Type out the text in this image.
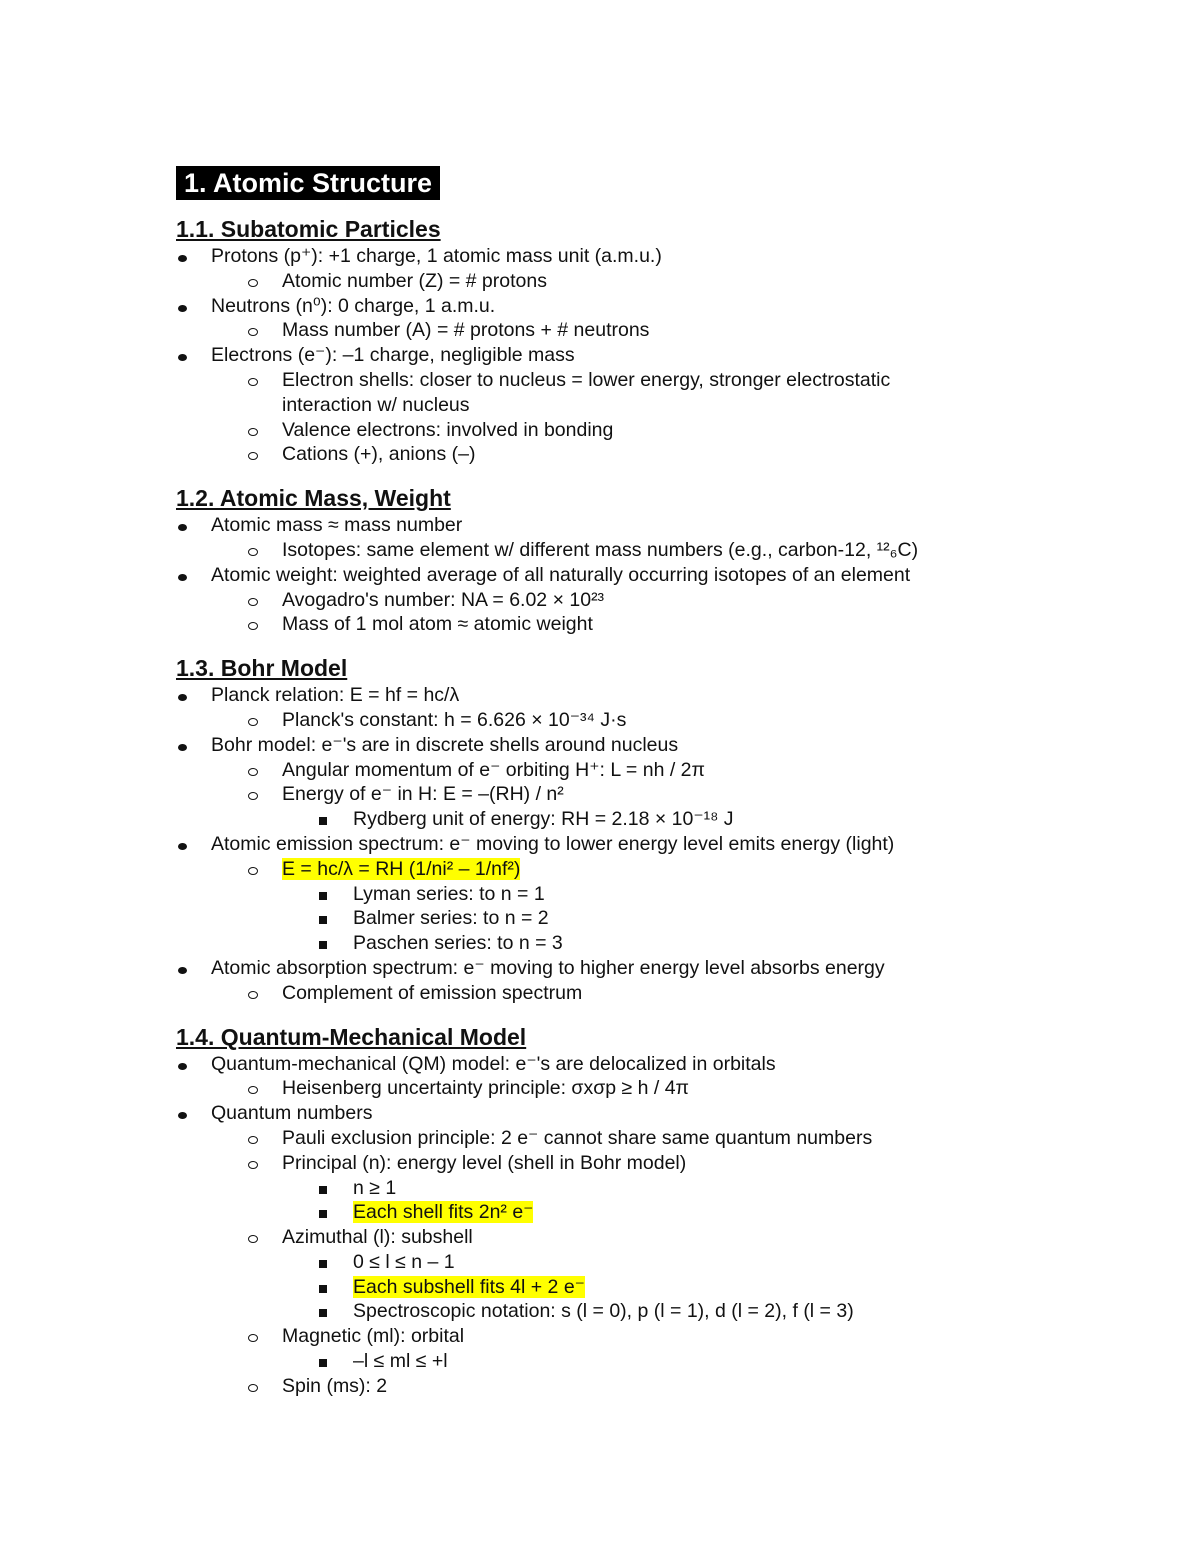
1. Atomic Structure
1.1. Subatomic Particles
Protons (p⁺): +1 charge, 1 atomic mass unit (a.m.u.)
Atomic number (Z) = # protons
Neutrons (n⁰): 0 charge, 1 a.m.u.
Mass number (A) = # protons + # neutrons
Electrons (e⁻): –1 charge, negligible mass
Electron shells: closer to nucleus = lower energy, stronger electrostatic interaction w/ nucleus
Valence electrons: involved in bonding
Cations (+), anions (–)
1.2. Atomic Mass, Weight
Atomic mass ≈ mass number
Isotopes: same element w/ different mass numbers (e.g., carbon-12, ¹²₆C)
Atomic weight: weighted average of all naturally occurring isotopes of an element
Avogadro's number: NA = 6.02 × 10²³
Mass of 1 mol atom ≈ atomic weight
1.3. Bohr Model
Planck relation: E = hf = hc/λ
Planck's constant: h = 6.626 × 10⁻³⁴ J·s
Bohr model: e⁻'s are in discrete shells around nucleus
Angular momentum of e⁻ orbiting H⁺: L = nh / 2π
Energy of e⁻ in H: E = –(RH) / n²
Rydberg unit of energy: RH = 2.18 × 10⁻¹⁸ J
Atomic emission spectrum: e⁻ moving to lower energy level emits energy (light)
E = hc/λ = RH (1/ni² – 1/nf²)
Lyman series: to n = 1
Balmer series: to n = 2
Paschen series: to n = 3
Atomic absorption spectrum: e⁻ moving to higher energy level absorbs energy
Complement of emission spectrum
1.4. Quantum-Mechanical Model
Quantum-mechanical (QM) model: e⁻'s are delocalized in orbitals
Heisenberg uncertainty principle: σxσp ≥ h / 4π
Quantum numbers
Pauli exclusion principle: 2 e⁻ cannot share same quantum numbers
Principal (n): energy level (shell in Bohr model)
n ≥ 1
Each shell fits 2n² e⁻
Azimuthal (l): subshell
0 ≤ l ≤ n – 1
Each subshell fits 4l + 2 e⁻
Spectroscopic notation: s (l = 0), p (l = 1), d (l = 2), f (l = 3)
Magnetic (ml): orbital
–l ≤ ml ≤ +l
Spin (ms): 2
